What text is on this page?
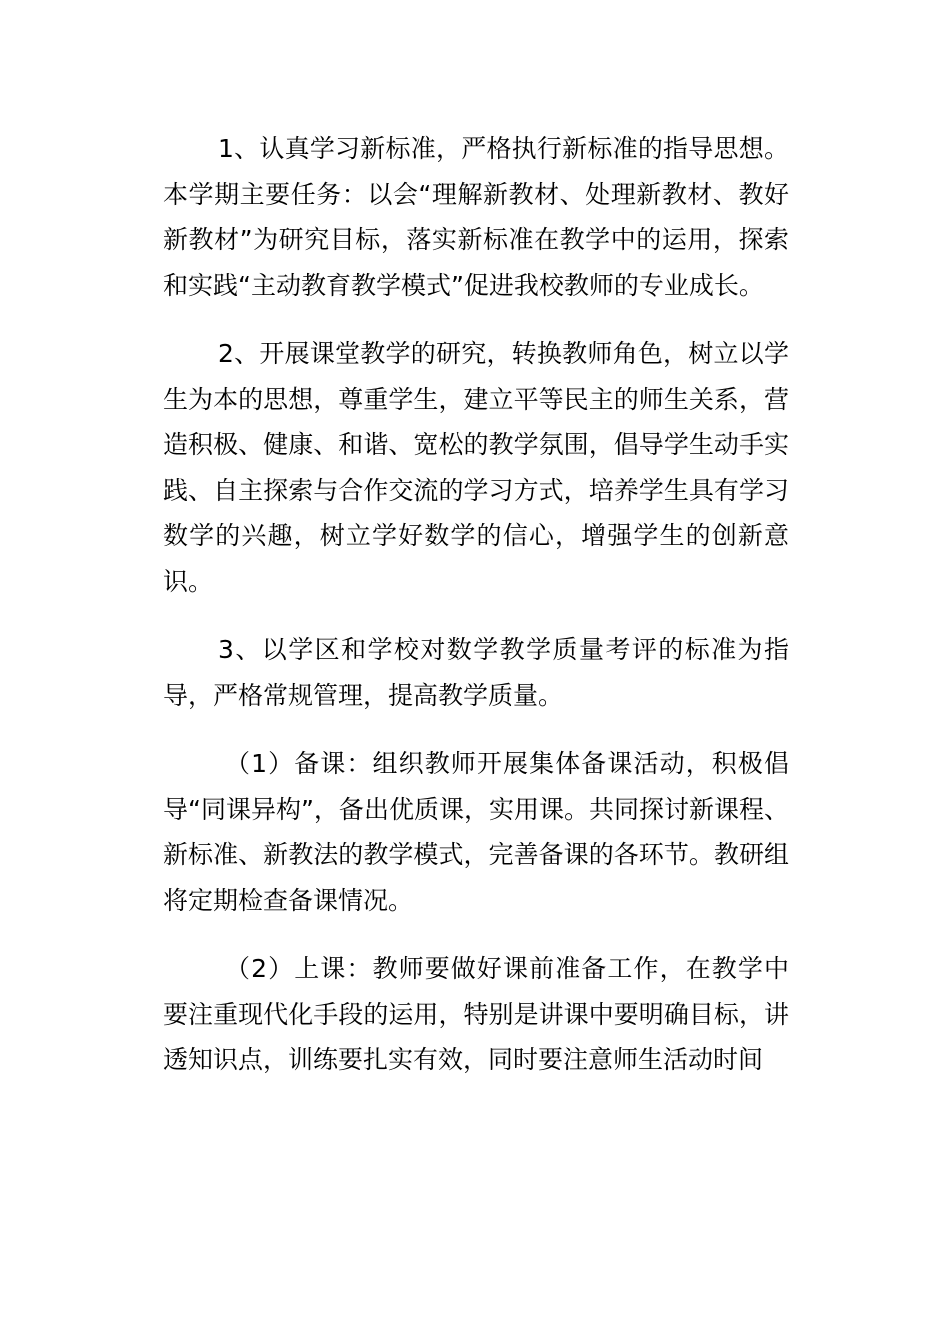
1、认真学习新标准，严格执行新标准的指导思想。本学期主要任务：以会“理解新教材、处理新教材、教好新教材”为研究目标，落实新标准在教学中的运用，探索和实践“主动教育教学模式”促进我校教师的专业成长。

2、开展课堂教学的研究，转换教师角色，树立以学生为本的思想，尊重学生，建立平等民主的师生关系，营造积极、健康、和谐、宽松的教学氛围，倡导学生动手实践、自主探索与合作交流的学习方式，培养学生具有学习数学的兴趣，树立学好数学的信心，增强学生的创新意识。

3、以学区和学校对数学教学质量考评的标准为指导，严格常规管理，提高教学质量。

（1）备课：组织教师开展集体备课活动，积极倡导“同课异构”，备出优质课，实用课。共同探讨新课程、新标准、新教法的教学模式，完善备课的各环节。教研组将定期检查备课情况。

（2）上课：教师要做好课前准备工作，在教学中要注重现代化手段的运用，特别是讲课中要明确目标，讲透知识点，训练要扎实有效，同时要注意师生活动时间
